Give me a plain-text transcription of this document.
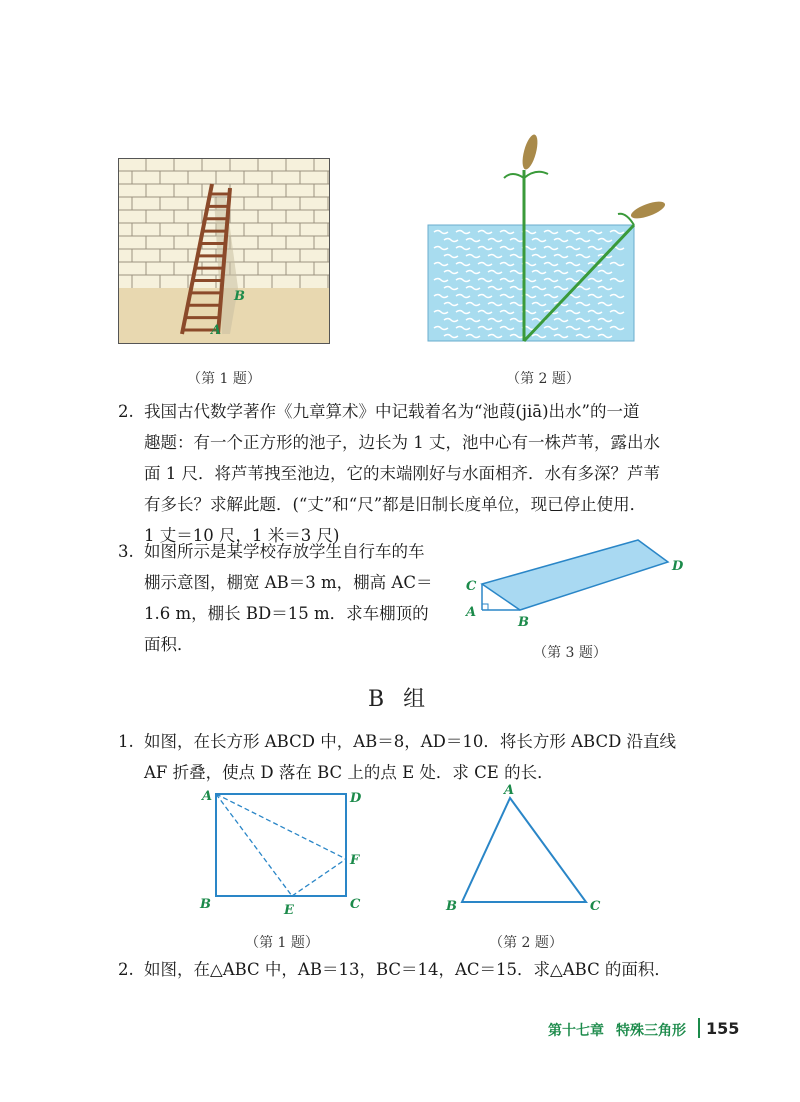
B
A
（第 1 题）	（第 2 题）
2. 我国古代数学著作《九章算术》中记载着名为“池葭(jiā)出水”的一道
趣题：有一个正方形的池子，边长为 1 丈，池中心有一株芦苇，露出水
面 1 尺．将芦苇拽至池边，它的末端刚好与水面相齐．水有多深？芦苇
有多长？求解此题．(“丈”和“尺”都是旧制长度单位，现已停止使用．
1 丈＝10 尺，1 米＝3 尺)
3. 如图所示是某学校存放学生自行车的车
棚示意图，棚宽 AB＝3 m，棚高 AC＝
1.6 m，棚长 BD＝15 m．求车棚顶的
面积．
C
A
B
D
（第 3 题）
B 组
1. 如图，在长方形 ABCD 中，AB＝8，AD＝10．将长方形 ABCD 沿直线
AF 折叠，使点 D 落在 BC 上的点 E 处．求 CE 的长．
A	D
F
B	E	C
（第 1 题）
A
B	C
（第 2 题）
2. 如图，在△ABC 中，AB＝13，BC＝14，AC＝15．求△ABC 的面积．
第十七章 特殊三角形 155
